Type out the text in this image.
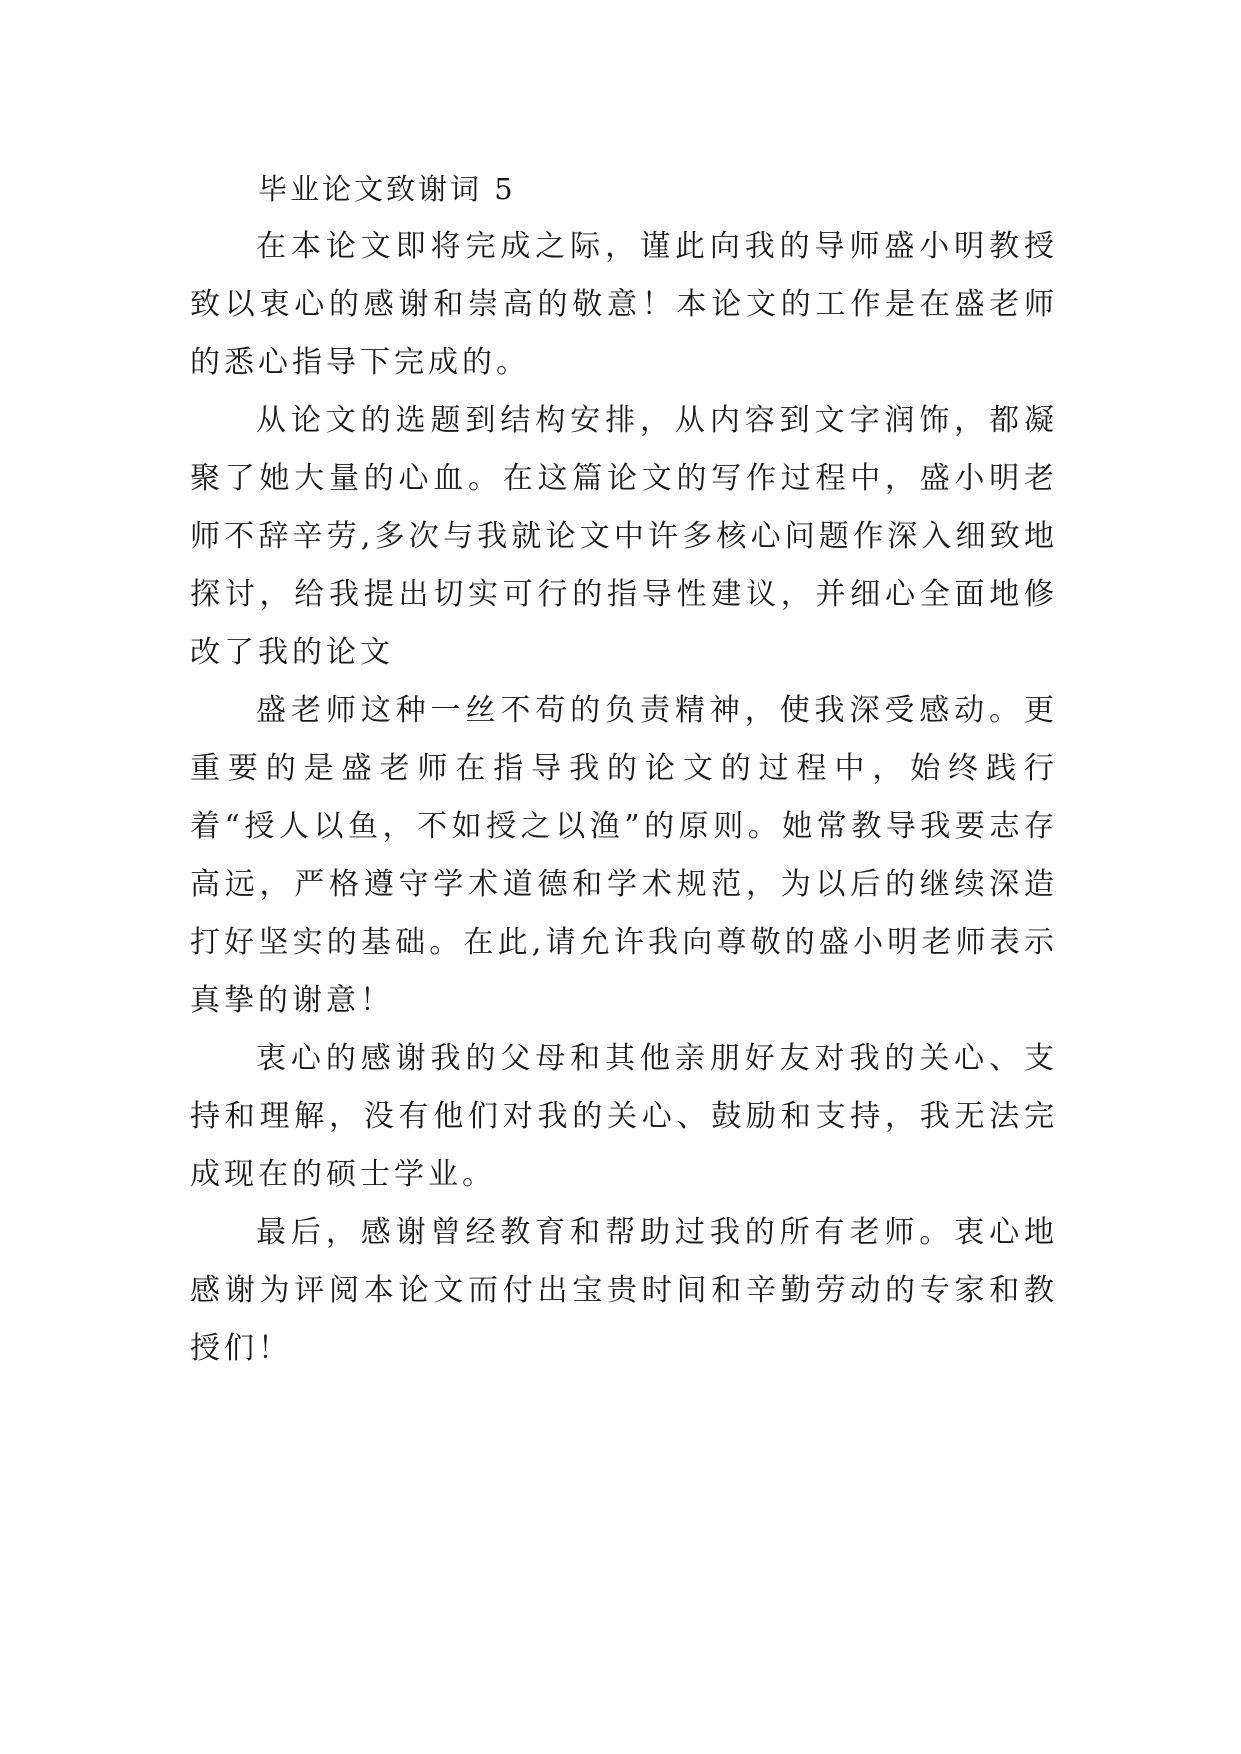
毕业论文致谢词 5

在本论文即将完成之际，谨此向我的导师盛小明教授致以衷心的感谢和崇高的敬意！本论文的工作是在盛老师的悉心指导下完成的。

从论文的选题到结构安排，从内容到文字润饰，都凝聚了她大量的心血。在这篇论文的写作过程中，盛小明老师不辞辛劳,多次与我就论文中许多核心问题作深入细致地探讨，给我提出切实可行的指导性建议，并细心全面地修改了我的论文

盛老师这种一丝不苟的负责精神，使我深受感动。更重要的是盛老师在指导我的论文的过程中，始终践行着“授人以鱼，不如授之以渔”的原则。她常教导我要志存高远，严格遵守学术道德和学术规范，为以后的继续深造打好坚实的基础。在此,请允许我向尊敬的盛小明老师表示真挚的谢意！

衷心的感谢我的父母和其他亲朋好友对我的关心、支持和理解，没有他们对我的关心、鼓励和支持，我无法完成现在的硕士学业。

最后，感谢曾经教育和帮助过我的所有老师。衷心地感谢为评阅本论文而付出宝贵时间和辛勤劳动的专家和教授们！
